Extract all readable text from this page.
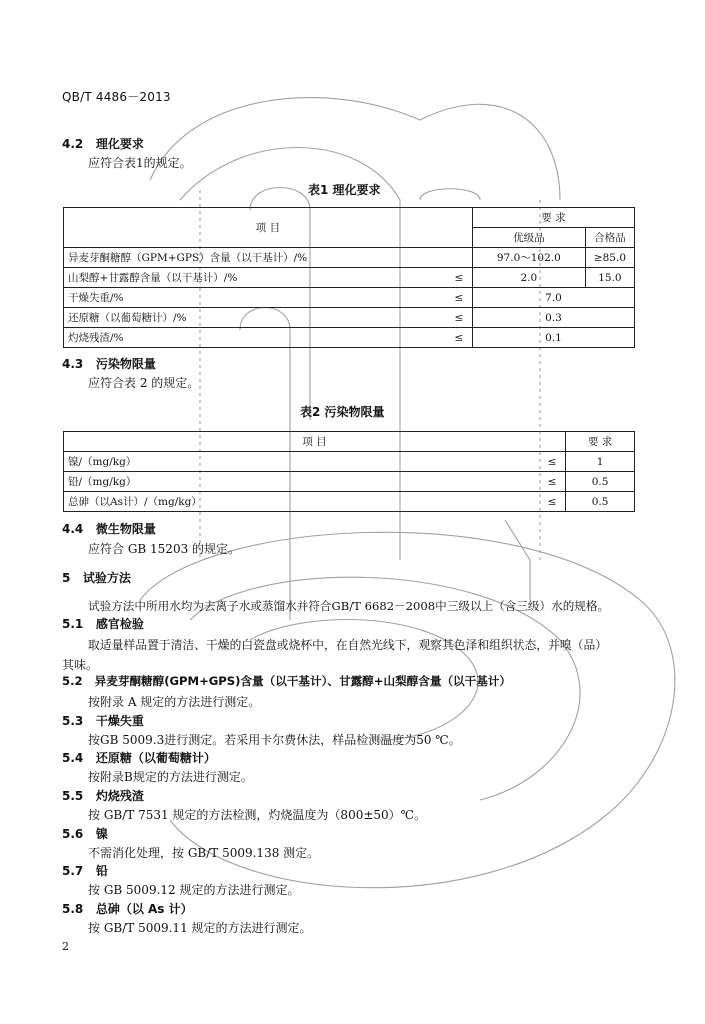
QB/T 4486－2013
4.2 理化要求
应符合表1的规定。
表1 理化要求
项 目		要 求	
		优级品	合格品
异麦芽酮糖醇（GPM+GPS）含量（以干基计）/%		97.0～102.0	≥85.0
山梨醇+甘露醇含量（以干基计）/%	≤	2.0	15.0
干燥失重/%	≤	7.0	
还原糖（以葡萄糖计）/%	≤	0.3	
灼烧残渣/%	≤	0.1	
4.3 污染物限量
应符合表 2 的规定。
表2 污染物限量
项 目		要 求
镍/（mg/kg）	≤	1
铅/（mg/kg）	≤	0.5
总砷（以As计）/（mg/kg）	≤	0.5
4.4 微生物限量
应符合 GB 15203 的规定。
5 试验方法
试验方法中所用水均为去离子水或蒸馏水并符合GB/T 6682－2008中三级以上（含三级）水的规格。
5.1 感官检验
取适量样品置于清洁、干燥的白瓷盘或烧杯中，在自然光线下，观察其色泽和组织状态，并嗅（品）
其味。
5.2 异麦芽酮糖醇(GPM+GPS)含量（以干基计）、甘露醇+山梨醇含量（以干基计）
按附录 A 规定的方法进行测定。
5.3 干燥失重
按GB 5009.3进行测定。若采用卡尔费休法，样品检测温度为50 ℃。
5.4 还原糖（以葡萄糖计）
按附录B规定的方法进行测定。
5.5 灼烧残渣
按 GB/T 7531 规定的方法检测，灼烧温度为（800±50）℃。
5.6 镍
不需消化处理，按 GB/T 5009.138 测定。
5.7 铅
按 GB 5009.12 规定的方法进行测定。
5.8 总砷（以 As 计）
按 GB/T 5009.11 规定的方法进行测定。
2
